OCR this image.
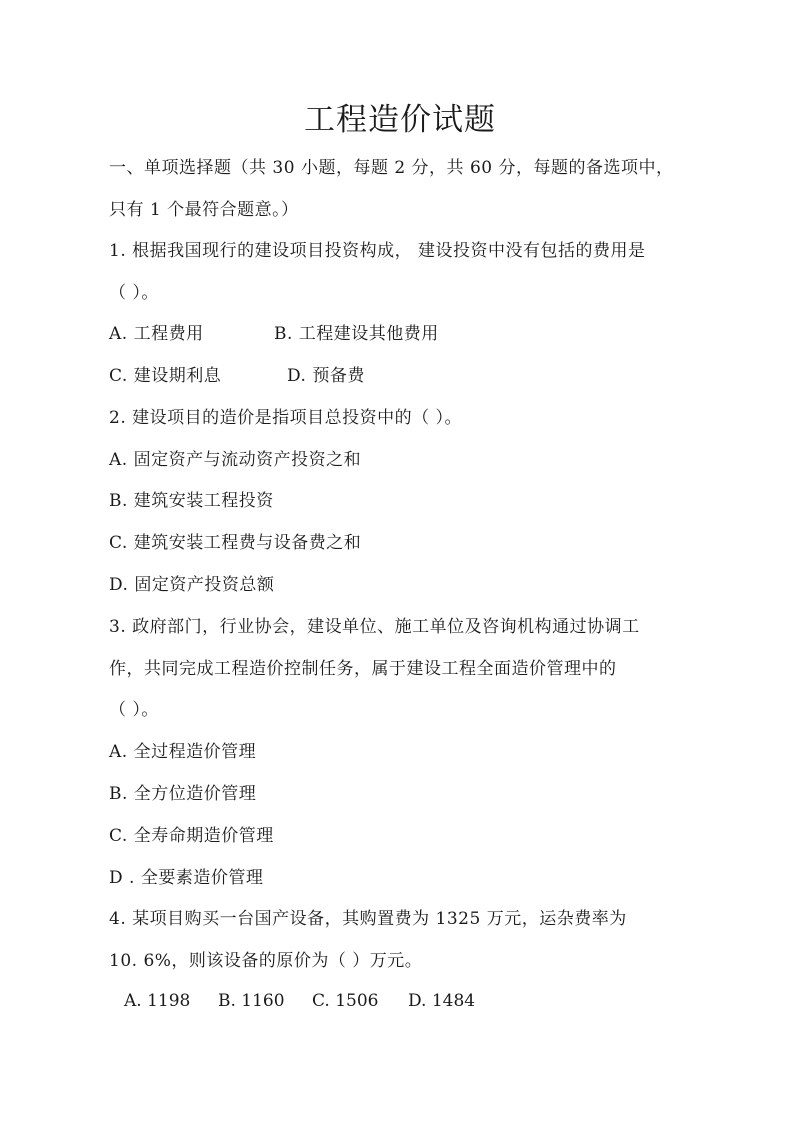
工程造价试题
一、单项选择题（共 30 小题，每题 2 分，共 60 分，每题的备选项中，
只有 1 个最符合题意。）
1. 根据我国现行的建设项目投资构成， 建设投资中没有包括的费用是
（ ）。
A. 工程费用	B. 工程建设其他费用
C. 建设期利息	D. 预备费
2. 建设项目的造价是指项目总投资中的（ ）。
A. 固定资产与流动资产投资之和
B. 建筑安装工程投资
C. 建筑安装工程费与设备费之和
D. 固定资产投资总额
3. 政府部门，行业协会，建设单位、施工单位及咨询机构通过协调工
作，共同完成工程造价控制任务，属于建设工程全面造价管理中的
（ ）。
A. 全过程造价管理
B. 全方位造价管理
C. 全寿命期造价管理
D . 全要素造价管理
4. 某项目购买一台国产设备，其购置费为 1325 万元，运杂费率为
10. 6%，则该设备的原价为（ ）万元。
A. 1198 B. 1160 C. 1506 D. 1484
